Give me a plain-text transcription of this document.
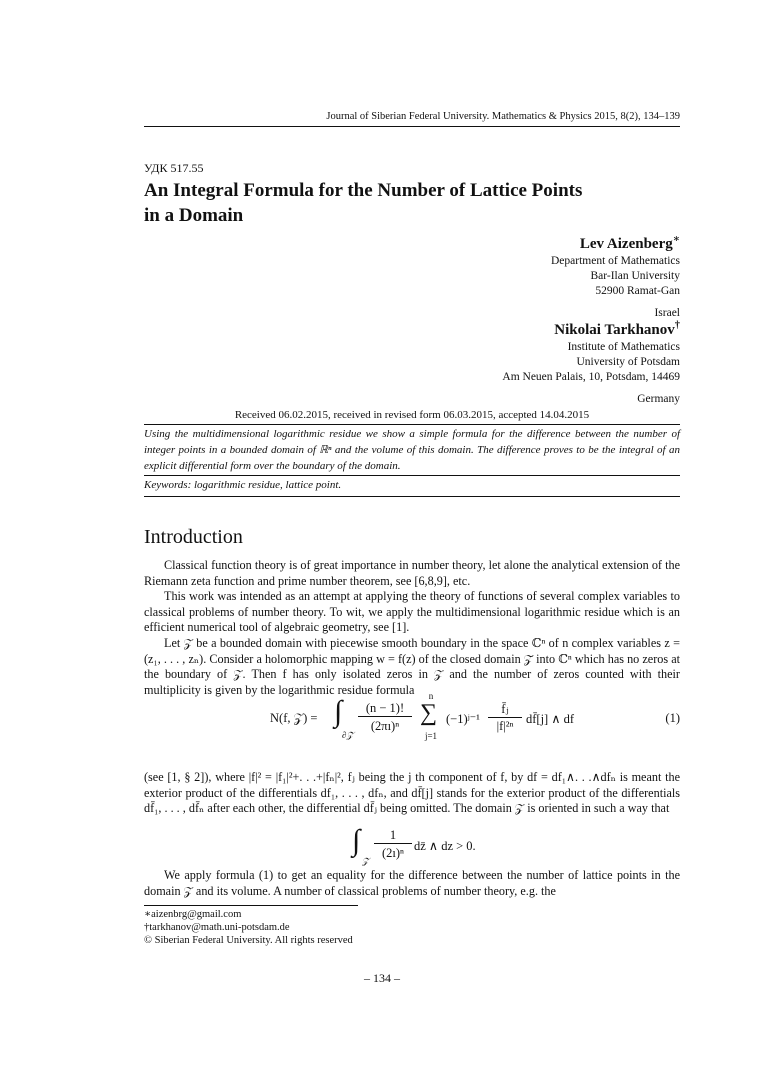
Journal of Siberian Federal University. Mathematics & Physics 2015, 8(2), 134–139
УДК 517.55
An Integral Formula for the Number of Lattice Points
in a Domain
Lev Aizenberg∗
Department of Mathematics
Bar-Ilan University
52900 Ramat-Gan
Israel
Nikolai Tarkhanov†
Institute of Mathematics
University of Potsdam
Am Neuen Palais, 10, Potsdam, 14469
Germany
Received 06.02.2015, received in revised form 06.03.2015, accepted 14.04.2015
Using the multidimensional logarithmic residue we show a simple formula for the difference between the number of integer points in a bounded domain of ℝⁿ and the volume of this domain. The difference proves to be the integral of an explicit differential form over the boundary of the domain.
Keywords: logarithmic residue, lattice point.
Introduction

Classical function theory is of great importance in number theory, let alone the analytical extension of the Riemann zeta function and prime number theorem, see [6,8,9], etc.

This work was intended as an attempt at applying the theory of functions of several complex variables to classical problems of number theory. To wit, we apply the multidimensional logarithmic residue which is an efficient numerical tool of algebraic geometry, see [1].

Let 𝒵 be a bounded domain with piecewise smooth boundary in the space ℂⁿ of n complex variables z = (z₁, . . . , zₙ). Consider a holomorphic mapping w = f(z) of the closed domain 𝒵̄ into ℂⁿ which has no zeros at the boundary of 𝒵. Then f has only isolated zeros in 𝒵 and the number of zeros counted with their multiplicity is given by the logarithmic residue formula

N(f, 𝒵) = ∫
∂𝒵
(n − 1)!
(2πı)ⁿ
n
∑
j=1
(−1)ʲ⁻¹
f̄ⱼ
|f|²ⁿ	df̄[j] ∧ df	(1)

(see [1, § 2]), where |f|² = |f₁|²+. . .+|fₙ|², fⱼ being the j th component of f, by df = df₁∧. . .∧dfₙ is meant the exterior product of the differentials df₁, . . . , dfₙ, and df̄[j] stands for the exterior product of the differentials df̄₁, . . . , df̄ₙ after each other, the differential df̄ⱼ being omitted. The domain 𝒵 is oriented in such a way that

∫
𝒵
1
(2ı)ⁿ dz̄ ∧ dz > 0.

We apply formula (1) to get an equality for the difference between the number of lattice points in the domain 𝒵 and its volume. A number of classical problems of number theory, e.g. the

∗aizenbrg@gmail.com
†tarkhanov@math.uni-potsdam.de
© Siberian Federal University. All rights reserved
– 134 –
